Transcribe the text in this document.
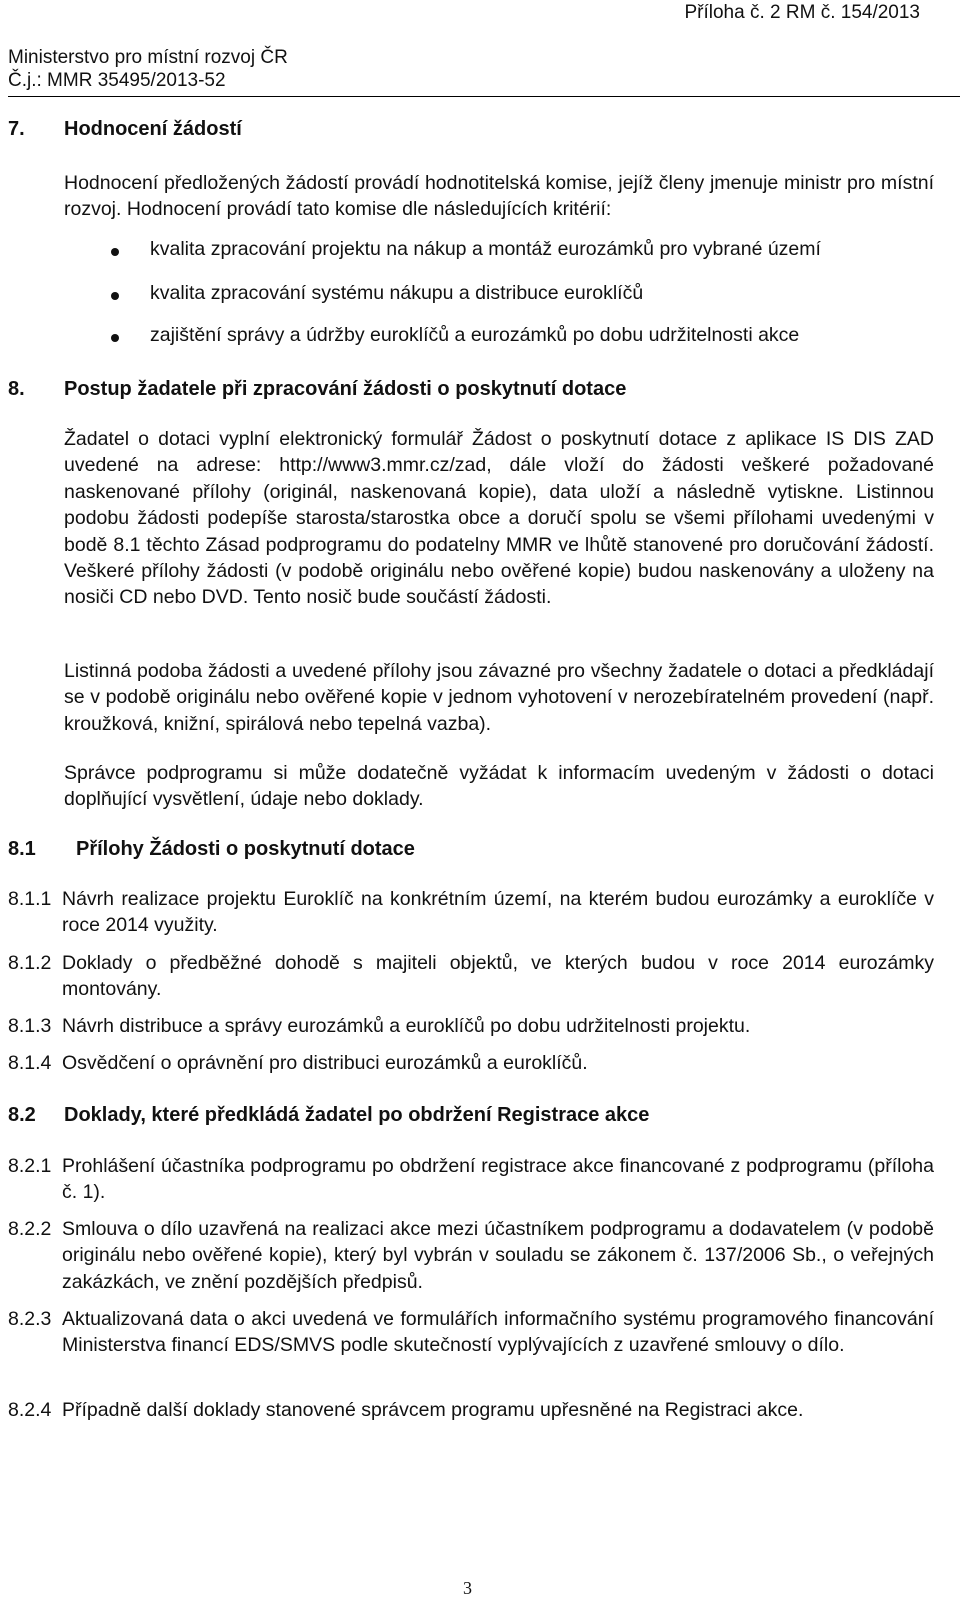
Příloha č. 2 RM č. 154/2013
Ministerstvo pro místní rozvoj ČR
Č.j.: MMR 35495/2013-52
7. Hodnocení žádostí
Hodnocení předložených žádostí provádí hodnotitelská komise, jejíž členy jmenuje ministr pro místní rozvoj. Hodnocení provádí tato komise dle následujících kritérií:
kvalita zpracování projektu na nákup a montáž eurozámků pro vybrané území
kvalita zpracování systému nákupu a distribuce euroklíčů
zajištění správy a údržby euroklíčů a eurozámků po dobu udržitelnosti akce
8. Postup žadatele při zpracování žádosti o poskytnutí dotace
Žadatel o dotaci vyplní elektronický formulář Žádost o poskytnutí dotace z aplikace IS DIS ZAD uvedené na adrese: http://www3.mmr.cz/zad, dále vloží do žádosti veškeré požadované naskenované přílohy (originál, naskenovaná kopie), data uloží a následně vytiskne. Listinnou podobu žádosti podepíše starosta/starostka obce a doručí spolu se všemi přílohami uvedenými v bodě 8.1 těchto Zásad podprogramu do podatelny MMR ve lhůtě stanovené pro doručování žádostí. Veškeré přílohy žádosti (v podobě originálu nebo ověřené kopie) budou naskenovány a uloženy na nosiči CD nebo DVD. Tento nosič bude součástí žádosti.
Listinná podoba žádosti a uvedené přílohy jsou závazné pro všechny žadatele o dotaci a předkládají se v podobě originálu nebo ověřené kopie v jednom vyhotovení v nerozebíratelném provedení (např. kroužková, knižní, spirálová nebo tepelná vazba).
Správce podprogramu si může dodatečně vyžádat k informacím uvedeným v žádosti o dotaci doplňující vysvětlení, údaje nebo doklady.
8.1 Přílohy Žádosti o poskytnutí dotace
8.1.1 Návrh realizace projektu Euroklíč na konkrétním území, na kterém budou eurozámky a euroklíče v roce 2014 využity.
8.1.2 Doklady o předběžné dohodě s majiteli objektů, ve kterých budou v roce 2014 eurozámky montovány.
8.1.3 Návrh distribuce a správy eurozámků a euroklíčů po dobu udržitelnosti projektu.
8.1.4 Osvědčení o oprávnění pro distribuci eurozámků a euroklíčů.
8.2 Doklady, které předkládá žadatel po obdržení Registrace akce
8.2.1 Prohlášení účastníka podprogramu po obdržení registrace akce financované z podprogramu (příloha č. 1).
8.2.2 Smlouva o dílo uzavřená na realizaci akce mezi účastníkem podprogramu a dodavatelem (v podobě originálu nebo ověřené kopie), který byl vybrán v souladu se zákonem č. 137/2006 Sb., o veřejných zakázkách, ve znění pozdějších předpisů.
8.2.3 Aktualizovaná data o akci uvedená ve formulářích informačního systému programového financování Ministerstva financí EDS/SMVS podle skutečností vyplývajících z uzavřené smlouvy o dílo.
8.2.4 Případně další doklady stanovené správcem programu upřesněné na Registraci akce.
3
